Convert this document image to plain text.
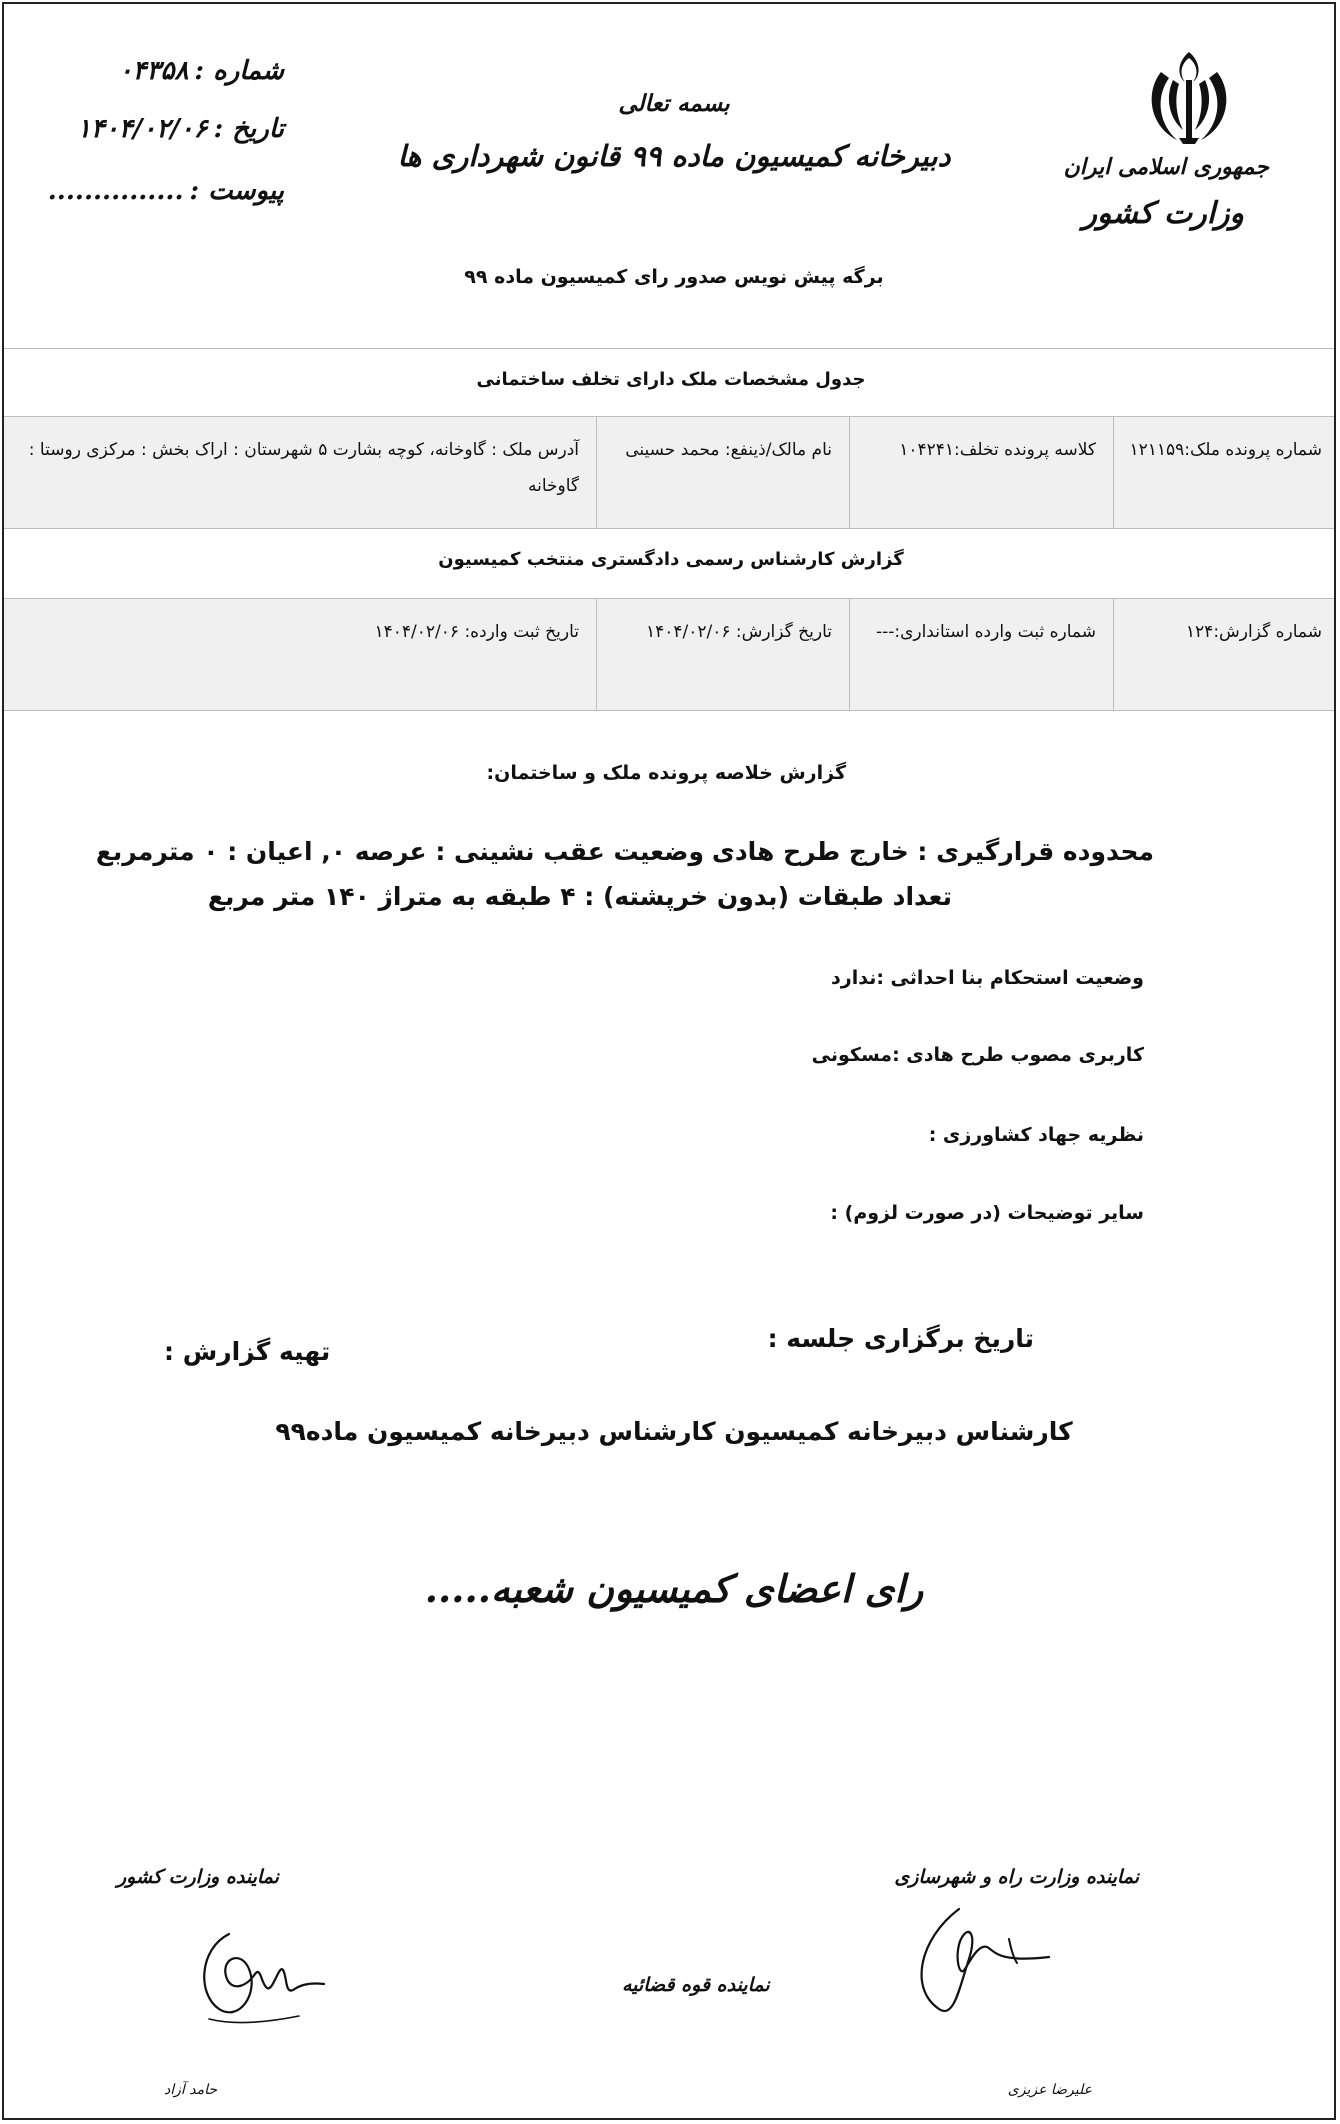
جمهوری اسلامی ایران
وزارت کشور
بسمه تعالی
دبیرخانه کمیسیون ماده ۹۹ قانون شهرداری ها
شماره :۰۴۳۵۸
تاریخ :۱۴۰۴/۰۲/۰۶
پیوست :...............
برگه پیش نویس صدور رای کمیسیون ماده ۹۹
جدول مشخصات ملک دارای تخلف ساختمانی
شماره پرونده ملک:۱۲۱۱۵۹
کلاسه پرونده تخلف:۱۰۴۲۴۱
نام مالک/ذینفع: محمد حسینی
آدرس ملک : گاوخانه، کوچه بشارت ۵ شهرستان : اراک بخش : مرکزی روستا : گاوخانه
گزارش کارشناس رسمی دادگستری منتخب کمیسیون
شماره گزارش:۱۲۴
شماره ثبت وارده استانداری:---
تاریخ گزارش: ۱۴۰۴/۰۲/۰۶
تاریخ ثبت وارده: ۱۴۰۴/۰۲/۰۶
گزارش خلاصه پرونده ملک و ساختمان:
محدوده قرارگیری : خارج طرح هادی
وضعیت عقب نشینی : عرصه ۰, اعیان : ۰ مترمربع
تعداد طبقات (بدون خرپشته) : ۴ طبقه به متراژ ۱۴۰ متر مربع
وضعیت استحکام بنا احداثی :ندارد
کاربری مصوب طرح هادی :مسکونی
نظریه جهاد کشاورزی :
سایر توضیحات (در صورت لزوم) :
تاریخ برگزاری جلسه :
تهیه گزارش :
کارشناس دبیرخانه کمیسیون کارشناس دبیرخانه کمیسیون ماده۹۹
رای اعضای کمیسیون شعبه.....
نماینده وزارت راه و شهرسازی
نماینده وزارت کشور
نماینده قوه قضائیه
علیرضا عزیزی
حامد آزاد
